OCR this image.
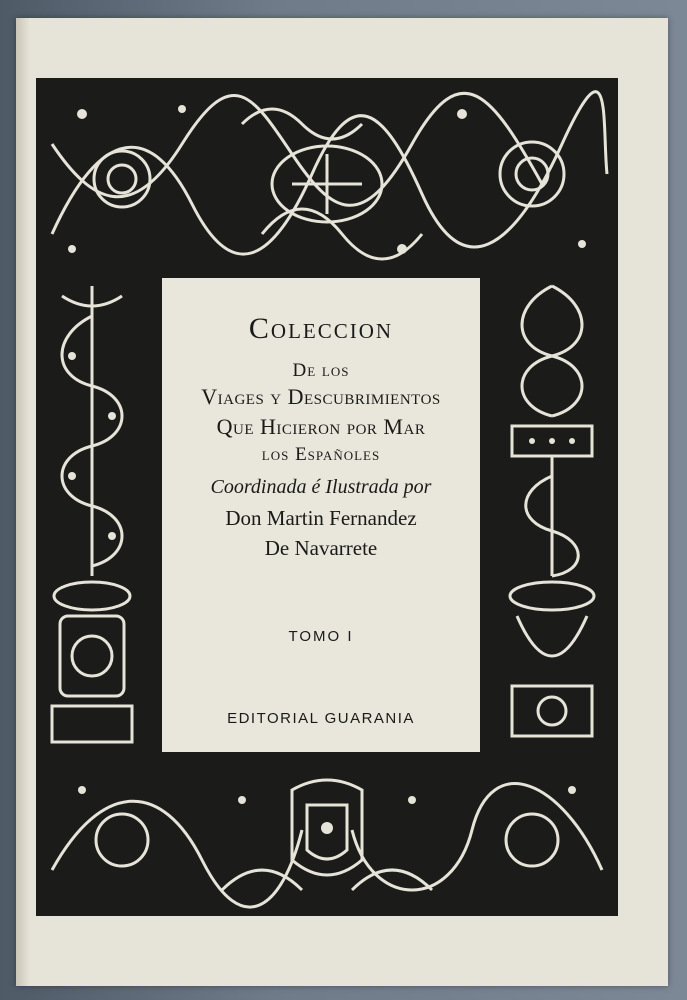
Coleccion
De los
Viages y Descubrimientos
Que Hicieron por Mar
los Españoles
Coordinada é Ilustrada por
Don Martin Fernandez
De Navarrete
TOMO I
EDITORIAL GUARANIA
